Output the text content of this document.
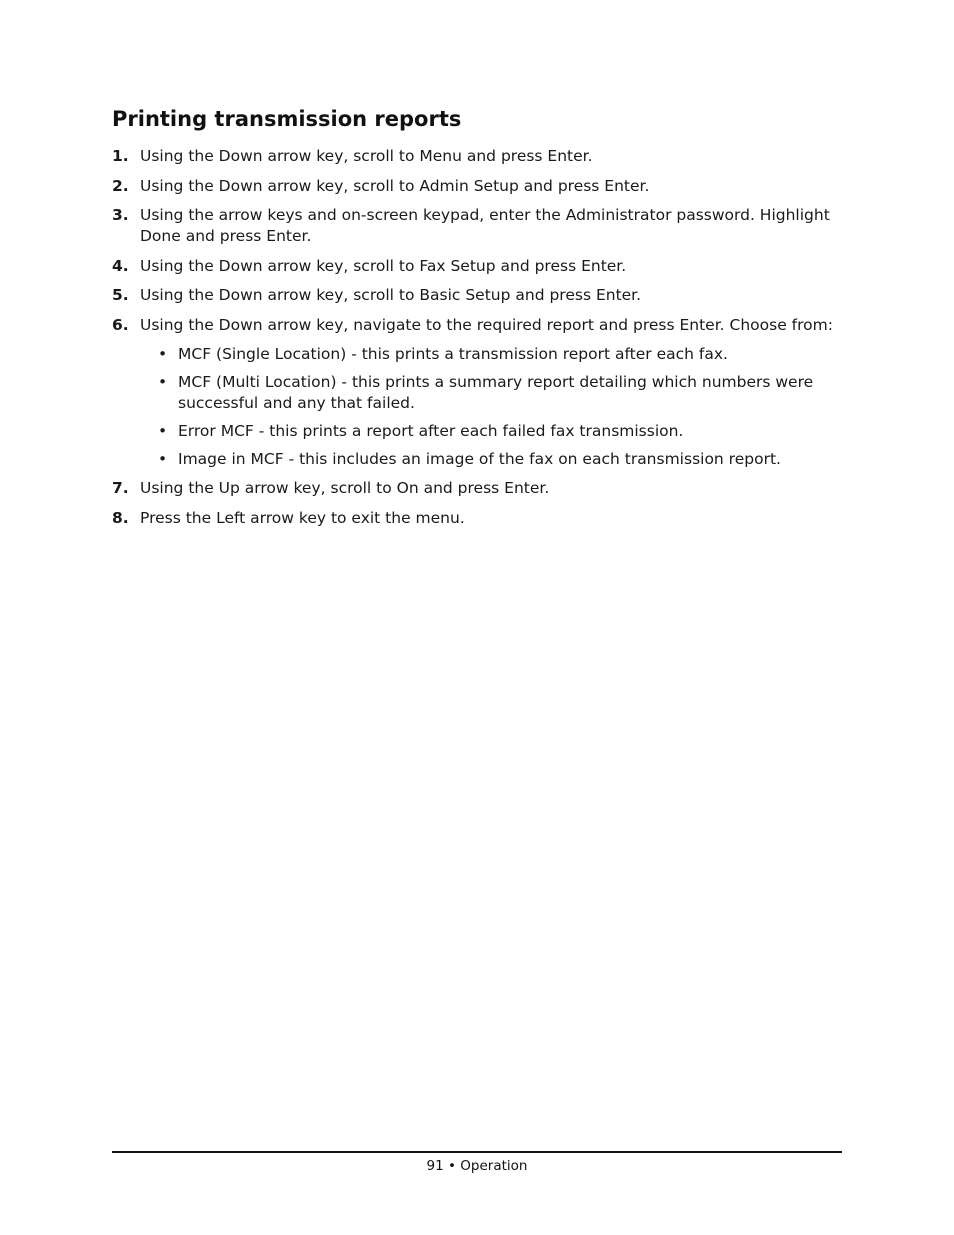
Printing transmission reports
1. Using the Down arrow key, scroll to Menu and press Enter.
2. Using the Down arrow key, scroll to Admin Setup and press Enter.
3. Using the arrow keys and on-screen keypad, enter the Administrator password. Highlight Done and press Enter.
4. Using the Down arrow key, scroll to Fax Setup and press Enter.
5. Using the Down arrow key, scroll to Basic Setup and press Enter.
6. Using the Down arrow key, navigate to the required report and press Enter. Choose from:
• MCF (Single Location) - this prints a transmission report after each fax.
• MCF (Multi Location) - this prints a summary report detailing which numbers were successful and any that failed.
• Error MCF - this prints a report after each failed fax transmission.
• Image in MCF - this includes an image of the fax on each transmission report.
7. Using the Up arrow key, scroll to On and press Enter.
8. Press the Left arrow key to exit the menu.
91 • Operation
